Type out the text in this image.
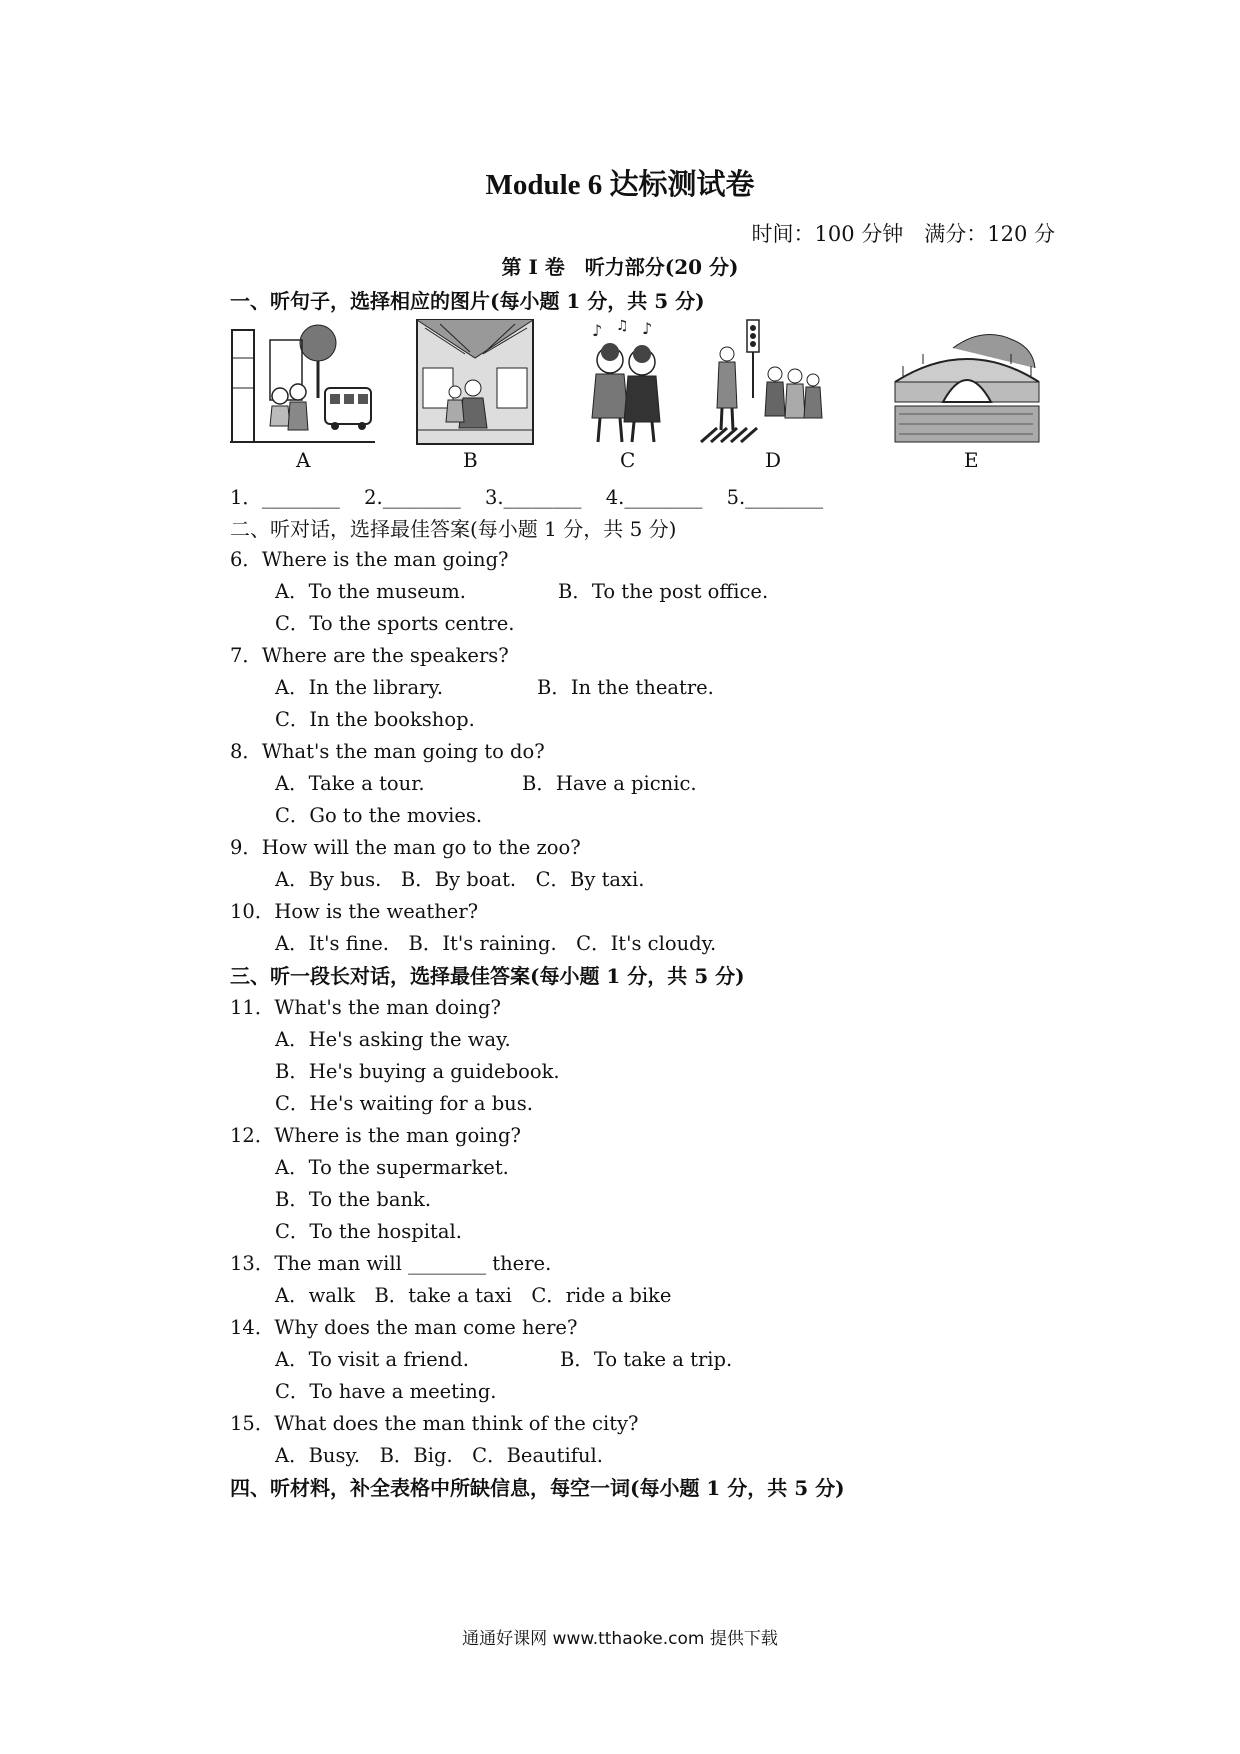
Module 6 达标测试卷
时间：100 分钟　满分：120 分
第 I 卷　听力部分(20 分)
一、听句子，选择相应的图片(每小题 1 分，共 5 分)
♪ ♫ ♪
A	B	C	D	E
1．________ 2.________ 3.________ 4.________ 5.________
二、听对话，选择最佳答案(每小题 1 分，共 5 分)
6．Where is the man going?
A．To the museum.	B．To the post office.
C．To the sports centre.
7．Where are the speakers?
A．In the library.	B．In the theatre.
C．In the bookshop.
8．What's the man going to do?
A．Take a tour.	B．Have a picnic.
C．Go to the movies.
9．How will the man go to the zoo?
A．By bus.　B．By boat.　C．By taxi.
10．How is the weather?
A．It's fine.　B．It's raining.　C．It's cloudy.
三、听一段长对话，选择最佳答案(每小题 1 分，共 5 分)
11．What's the man doing?
A．He's asking the way.
B．He's buying a guidebook.
C．He's waiting for a bus.
12．Where is the man going?
A．To the supermarket.
B．To the bank.
C．To the hospital.
13．The man will ________ there.
A．walk　B．take a taxi　C．ride a bike
14．Why does the man come here?
A．To visit a friend.	B．To take a trip.
C．To have a meeting.
15．What does the man think of the city?
A．Busy.　B．Big.　C．Beautiful.
四、听材料，补全表格中所缺信息，每空一词(每小题 1 分，共 5 分)
通通好课网 www.tthaoke.com 提供下载
